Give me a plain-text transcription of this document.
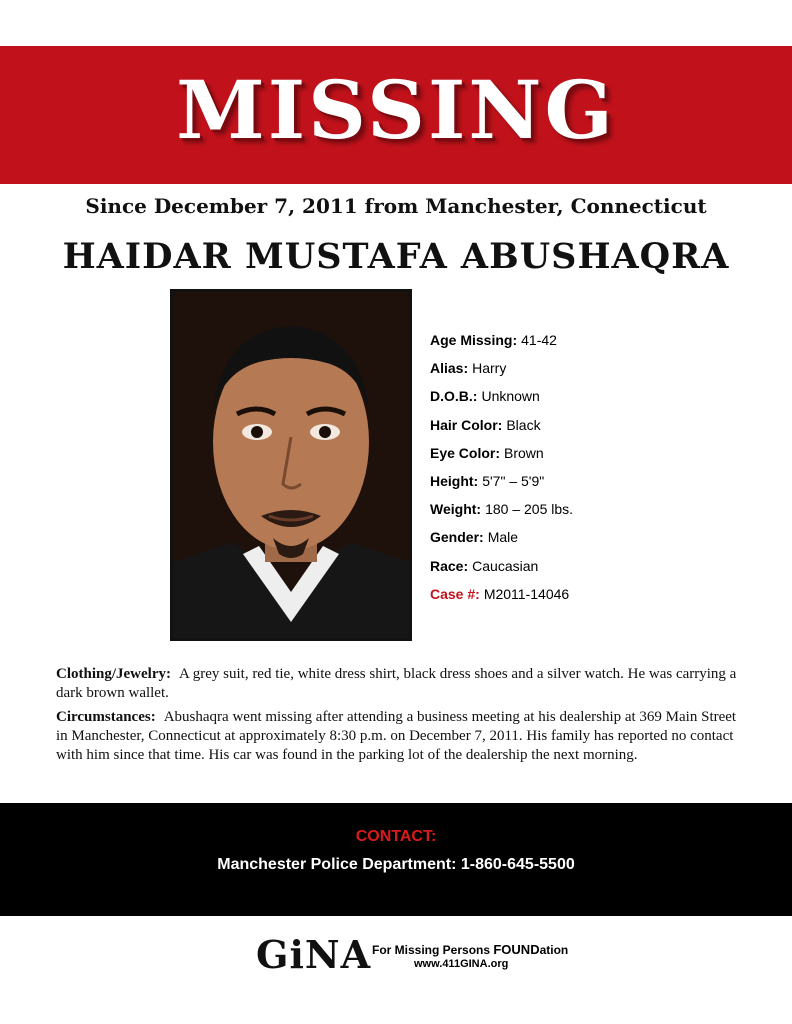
MISSING
Since December 7, 2011 from Manchester, Connecticut
HAIDAR MUSTAFA ABUSHAQRA
Age Missing: 41-42
Alias: Harry
D.O.B.: Unknown
Hair Color: Black
Eye Color: Brown
Height: 5'7" – 5'9"
Weight: 180 – 205 lbs.
Gender: Male
Race: Caucasian
Case #: M2011-14046
Clothing/Jewelry: A grey suit, red tie, white dress shirt, black dress shoes and a silver watch. He was carrying a dark brown wallet.
Circumstances: Abushaqra went missing after attending a business meeting at his dealership at 369 Main Street in Manchester, Connecticut at approximately 8:30 p.m. on December 7, 2011. His family has reported no contact with him since that time. His car was found in the parking lot of the dealership the next morning.
CONTACT:
Manchester Police Department: 1-860-645-5500
GiNA For Missing Persons FOUNDation
www.411GINA.org
